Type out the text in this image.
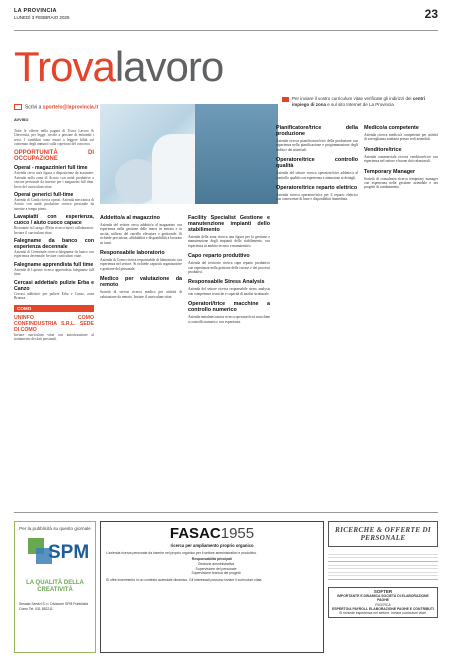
LA PROVINCIA
LUNEDÌ 3 FEBBRAIO 2025	23
Trovalavoro
Scrivi a sportelo@laprovincia.it
Per inviare il vostro curriculum vitae verificate gli indirizzi dei centri impiego di zona e sul sito Internet de La Provincia
AVVISO
Tutte le offerte nella pagina di Trova Lavoro & Università, per legge, rivolte a persone di entrambi i sessi. I candidati sono tenuti a leggere bilità sul contenuto degli annunci sulla copertura del concorso.
OPPORTUNITÀ DI OCCUPAZIONE
Operai - magazzinieri full time
Azienda cerca un/a figura a disposizione da assumere. Azienda nella zona di Arosio con unità produttive a cercare personale da inserire per i magazzini full time. Invio del curriculum vitae.
Operai generici full-time
Azienda di Cantù ricerca operai. Azienda meccanica di Arosio con unità produttive ricerca personale da inserire a tempo pieno.
Lavapiatti con esperienza, cuoco / aiuto cuoco capace
Ristorante in Lurago d'Erba ricerca nuovi collaboratori. Inviare il curriculum vitae.
Falegname da banco con esperienza decennale
Azienda di Cermenate ricerca falegname da banco con esperienza decennale. Inviare curriculum vitae.
Falegname apprendista full time
Azienda di Lipomo ricerca apprendista falegname full time.
Cercasi addetta/o pulizie Erba e Canzo
Cercasi addetta/o per pulizie Erba e Canzo, zona Brianza.
COMO
UNINFO COMO CONFINDUSTRIA S.R.L. SEDE DI COMO
Inviare curriculum vitae con autorizzazione al trattamento dei dati personali.
Addetto/a al magazzino

Azienda del settore cerca addetto/a al magazzino con esperienza nella gestione delle merci in entrata e in uscita, utilizzo del carrello elevatore e gestionale. Si richiede precisione, affidabilità e disponibilità a lavorare su turni.

Responsabile laboratorio

Azienda di Como ricerca responsabile di laboratorio con esperienza nel settore. Si richiede capacità organizzative e gestione del personale.

Medico per valutazione da remoto

Società di servizi ricerca medico per attività di valutazione da remoto. Inviare il curriculum vitae.

Facility Specialist Gestione e manutenzione impianti dello stabilimento

Azienda della zona ricerca una figura per la gestione e manutenzione degli impianti dello stabilimento, con esperienza in ambito tecnico e manutentivo.

Capo reparto produttivo

Azienda del territorio ricerca capo reparto produttivo con esperienza nella gestione delle risorse e dei processi produttivi.

Responsabile Stress Analysis

Azienda del settore ricerca responsabile stress analysis con competenze tecniche e capacità di analisi strutturale.

Operatori/trice macchine a controllo numerico

Azienda metalmeccanica ricerca operatori/trici macchine a controllo numerico con esperienza.

Pianificatore/trice della produzione

Azienda ricerca pianificatore/trice della produzione con esperienza nella pianificazione e programmazione degli ordini e dei materiali.

Operatore/trice controllo qualità

Azienda del settore ricerca operatore/trice addetto/a al controllo qualità con esperienza e attenzione ai dettagli.

Operatore/trice reparto elettrico

Azienda ricerca operatore/trice per il reparto elettrico con conoscenze di base e disponibilità immediata.

Medico/a competente

Azienda ricerca medico/a competente per attività di sorveglianza sanitaria presso sedi aziendali.

Venditore/trice

Azienda commerciale ricerca venditore/trice con esperienza nel settore e buone doti relazionali.

Temporary Manager

Società di consulenza ricerca temporary manager con esperienza nella gestione aziendale e nei progetti di cambiamento.

Per la pubblicità su questo giornale
SPM
LA QUALITÀ DELLA CREATIVITÀ
Sesaab Servizi S.r.l. Divisione SPM Pubblicità Como Tel. 031 582211
FASAC1955
ricerca per ampliamento proprio organico
L'azienda ricerca personale da inserire nel proprio organico per il settore amministrativo e produttivo.
Responsabilità principali
Gestione amministrativa
Supervisione del personale
Supervisione tecnica dei progetti
Si offre inserimento in un contesto aziendale dinamico. Gli interessati possono inviare il curriculum vitae.
RICERCHE & OFFERTE DI PERSONALE
SOFTER
IMPORTANTE E DINAMICA SOCIETÀ DI ELABORAZIONE PAGHE
RICERCA
ESPERTO/A PAYROLL ELABORAZIONE PAGHE E CONTRIBUTI
Si richiede esperienza nel settore. Inviare curriculum vitae.
